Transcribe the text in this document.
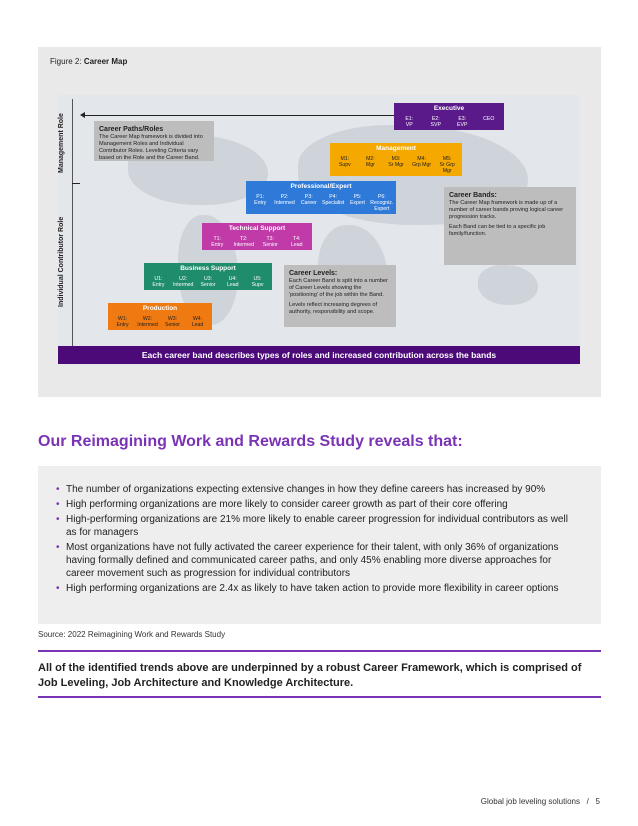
Figure 2: Career Map
Management Role
Individual Contributor Role
Career Paths/Roles

The Career Map framework is divided into Management Roles and Individual Contributor Roles. Leveling Criteria vary based on the Role and the Career Band.

Executive
E1:
VP
E2:
SVP
E3:
EVP
CEO
Management
M1:
Supv
M2:
Mgr
M3:
Sr Mgr
M4:
Grp Mgr
M5:
Sr Grp Mgr
Professional/Expert
P1:
Entry
P2:
Intermed
P3:
Career
P4:
Specialist
P5:
Expert
P6:
Recogniz. Expert
Technical Support
T1:
Entry
T2:
Intermed
T3:
Senior
T4:
Lead
Business Support
U1:
Entry
U2:
Intermed
U3:
Senior
U4:
Lead
U5:
Supv
Production
W1:
Entry
W2:
Intermed
W3:
Senior
W4:
Lead
Career Bands:

The Career Map framework is made up of a number of career bands proving logical career progression tracks.

Each Band can be tied to a specific job family/function.

Career Levels:

Each Career Band is split into a number of Career Levels showing the 'positioning' of the job within the Band.

Levels reflect increasing degrees of authority, responsibility and scope.

Each career band describes types of roles and increased contribution across the bands
Our Reimagining Work and Rewards Study reveals that:
• The number of organizations expecting extensive changes in how they define careers has increased by 90%
• High performing organizations are more likely to consider career growth as part of their core offering
• High-performing organizations are 21% more likely to enable career progression for individual contributors as well as for managers
• Most organizations have not fully activated the career experience for their talent, with only 36% of organizations having formally defined and communicated career paths, and only 45% enabling more diverse approaches for career movement such as progression for individual contributors
• High performing organizations are 2.4x as likely to have taken action to provide more flexibility in career options
Source: 2022 Reimagining Work and Rewards Study
All of the identified trends above are underpinned by a robust Career Framework, which is comprised of Job Leveling, Job Architecture and Knowledge Architecture.
Global job leveling solutions / 5
